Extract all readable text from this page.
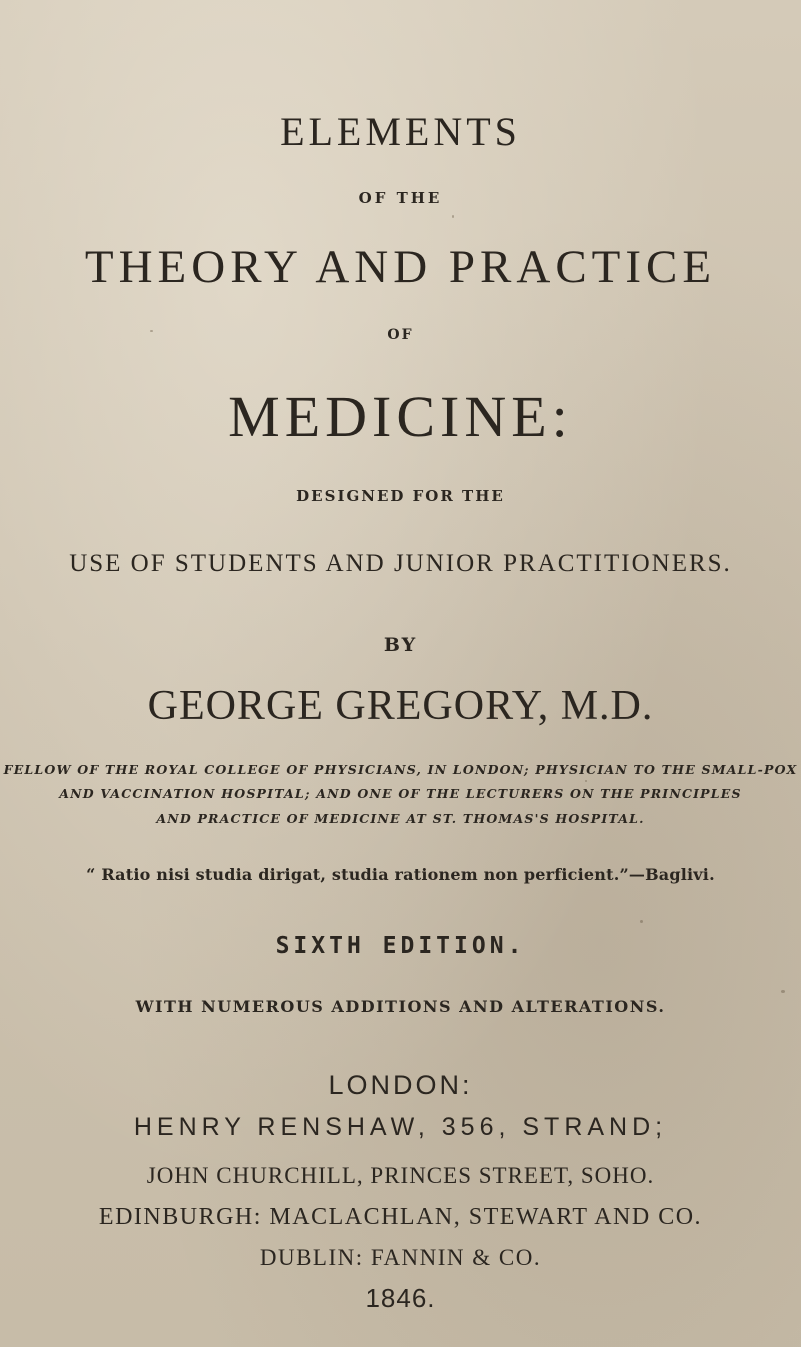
ELEMENTS
OF THE
THEORY AND PRACTICE
OF
MEDICINE:
DESIGNED FOR THE
USE OF STUDENTS AND JUNIOR PRACTITIONERS.
BY
GEORGE GREGORY, M.D.
FELLOW OF THE ROYAL COLLEGE OF PHYSICIANS, IN LONDON; PHYSICIAN TO THE SMALL-POX
AND VACCINATION HOSPITAL; AND ONE OF THE LECTURERS ON THE PRINCIPLES
AND PRACTICE OF MEDICINE AT ST. THOMAS'S HOSPITAL.
“ Ratio nisi studia dirigat, studia rationem non perficient.”—Baglivi.
SIXTH EDITION.
WITH NUMEROUS ADDITIONS AND ALTERATIONS.
LONDON:
HENRY RENSHAW, 356, STRAND;
JOHN CHURCHILL, PRINCES STREET, SOHO.
EDINBURGH: MACLACHLAN, STEWART AND CO.
DUBLIN: FANNIN & CO.
1846.
